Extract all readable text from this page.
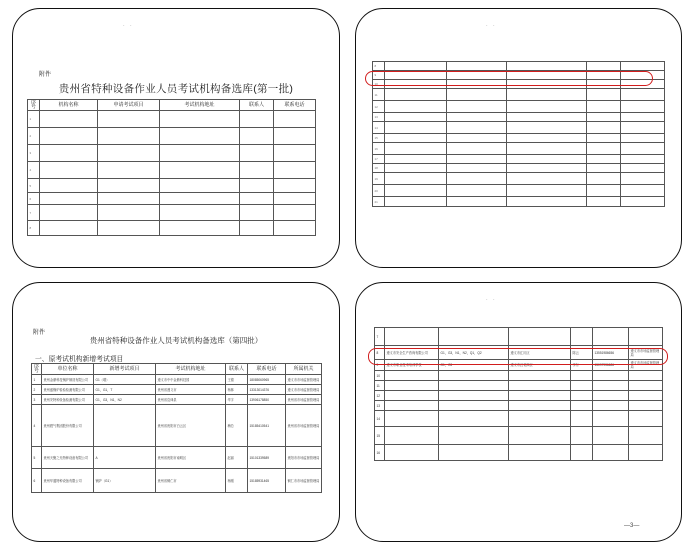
· ·
附件
贵州省特种设备作业人员考试机构备选库(第一批)
序号	机构名称	申请考试项目	考试机构地址	联系人	联系电话
1					
2					
3					
4					
5					
6					
7					
8					
· ·
8					
9					
10					
11					
12					
13					
14					
15					
16					
17					
18					
19					
20					
21					
附件
贵州省特种设备作业人员考试机构备选库（第四批）
一、原考试机构新增考试项目
序号	单位名称	新增考试项目	考试机构地址	联系人	联系电话	所属机关
1	贵州金鼎科技锅炉制造有限公司	G1（增）	遵义市中中金鼎科技园	王德	18085060965	遵义市市场监督管理局
2	贵州盛锅炉检验检测有限公司	G1，G1，T	贵州省遵义市	杨林	13313014376	遵义市市场监督管理局
3	贵州安特种设备检测有限公司	G1，G3，N1，N2	贵州省息烽县	华宇	13906178850	贵州省市场监督管理局
4	贵州燃气集团股份有限公司		贵州省贵阳市白云区	梅总	15185410541	贵州省市场监督管理局
5	贵州天聚之光特种设备有限公司	A	贵州省贵阳市南明区	赵丽	15101339589	贵阳市市场监督管理局
6	贵州华通特种设备有限公司	锅炉（G1）	贵州省铜仁市	杨刚	15185931465	铜仁市市场监督管理局
· ·
7						
8	遵义市安全生产咨询有限公司	G1，G3，N1，N2，Q1，Q2	遵义市汇川区	陈云	13551986656	遵义市市场监督管理局
9	遵义市职业技术培训学校	G1，G3	遵义市红花岗区	李东	15097936686	遵义市市场监督管理局
10						
11						
12						
13						
14						
15						
16						
—3—
